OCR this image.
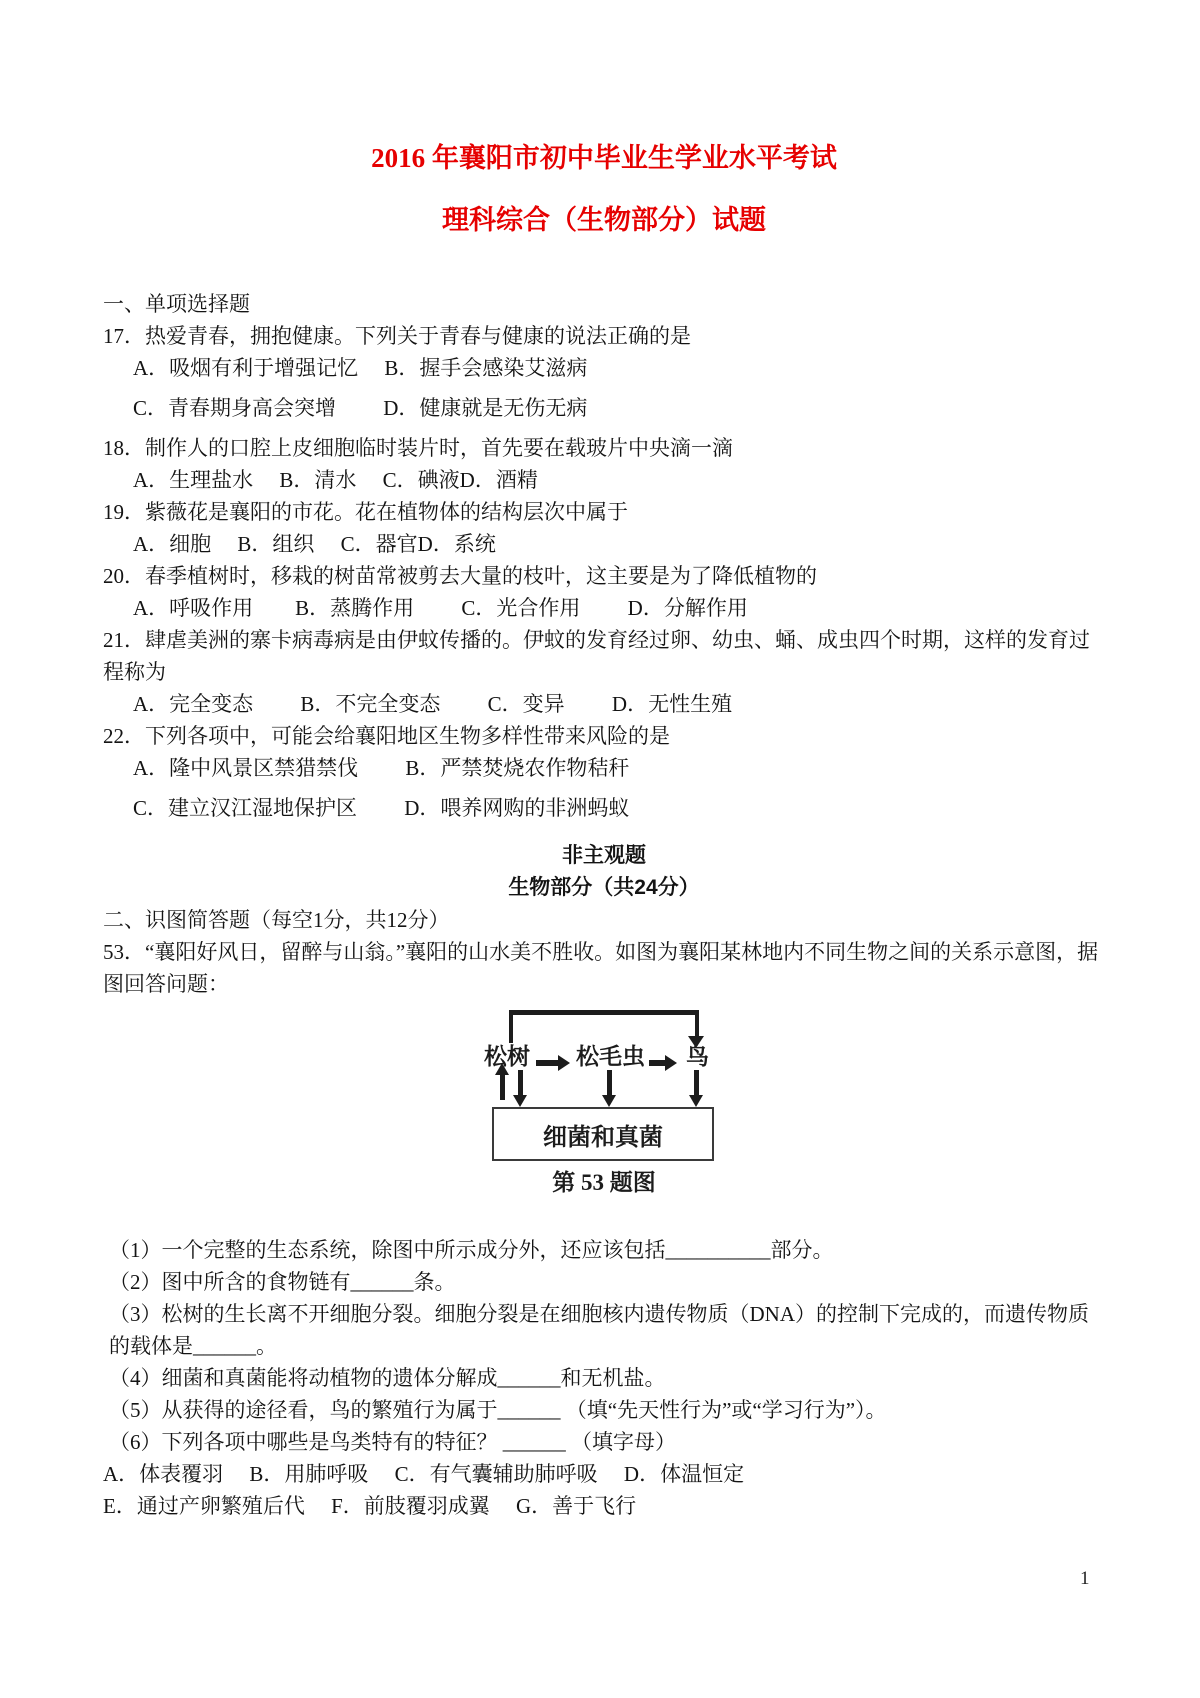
2016 年襄阳市初中毕业生学业水平考试

理科综合（生物部分）试题

一、单项选择题

17．热爱青春，拥抱健康。下列关于青春与健康的说法正确的是

A．吸烟有利于增强记忆　 B．握手会感染艾滋病

C．青春期身高会突增　 　D．健康就是无伤无病

18．制作人的口腔上皮细胞临时装片时，首先要在载玻片中央滴一滴

A．生理盐水　 B．清水　 C．碘液D．酒精

19．紫薇花是襄阳的市花。花在植物体的结构层次中属于

A．细胞　 B．组织　 C．器官D．系统

20．春季植树时，移栽的树苗常被剪去大量的枝叶，这主要是为了降低植物的

A．呼吸作用　　B．蒸腾作用　 　C．光合作用　 　D．分解作用

21．肆虐美洲的寨卡病毒病是由伊蚊传播的。伊蚊的发育经过卵、幼虫、蛹、成虫四个时期，这样的发育过程称为

A．完全变态　 　B．不完全变态　 　C．变异　 　D．无性生殖

22．下列各项中，可能会给襄阳地区生物多样性带来风险的是

A．隆中风景区禁猎禁伐　 　B．严禁焚烧农作物秸秆

C．建立汉江湿地保护区　 　D．喂养网购的非洲蚂蚁

非主观题

生物部分（共24分）

二、识图简答题（每空1分，共12分）

53．“襄阳好风日，留醉与山翁。”襄阳的山水美不胜收。如图为襄阳某林地内不同生物之间的关系示意图，据图回答问题：

松树 松毛虫 鸟
细菌和真菌
第 53 题图

（1）一个完整的生态系统，除图中所示成分外，还应该包括__________部分。

（2）图中所含的食物链有______条。

（3）松树的生长离不开细胞分裂。细胞分裂是在细胞核内遗传物质（DNA）的控制下完成的，而遗传物质的载体是______。

（4）细菌和真菌能将动植物的遗体分解成______和无机盐。

（5）从获得的途径看，鸟的繁殖行为属于______ （填“先天性行为”或“学习行为”）。

（6）下列各项中哪些是鸟类特有的特征？ ______ （填字母）

A．体表覆羽　 B．用肺呼吸　 C．有气囊辅助肺呼吸　 D．体温恒定

E．通过产卵繁殖后代　 F．前肢覆羽成翼　 G．善于飞行

1
